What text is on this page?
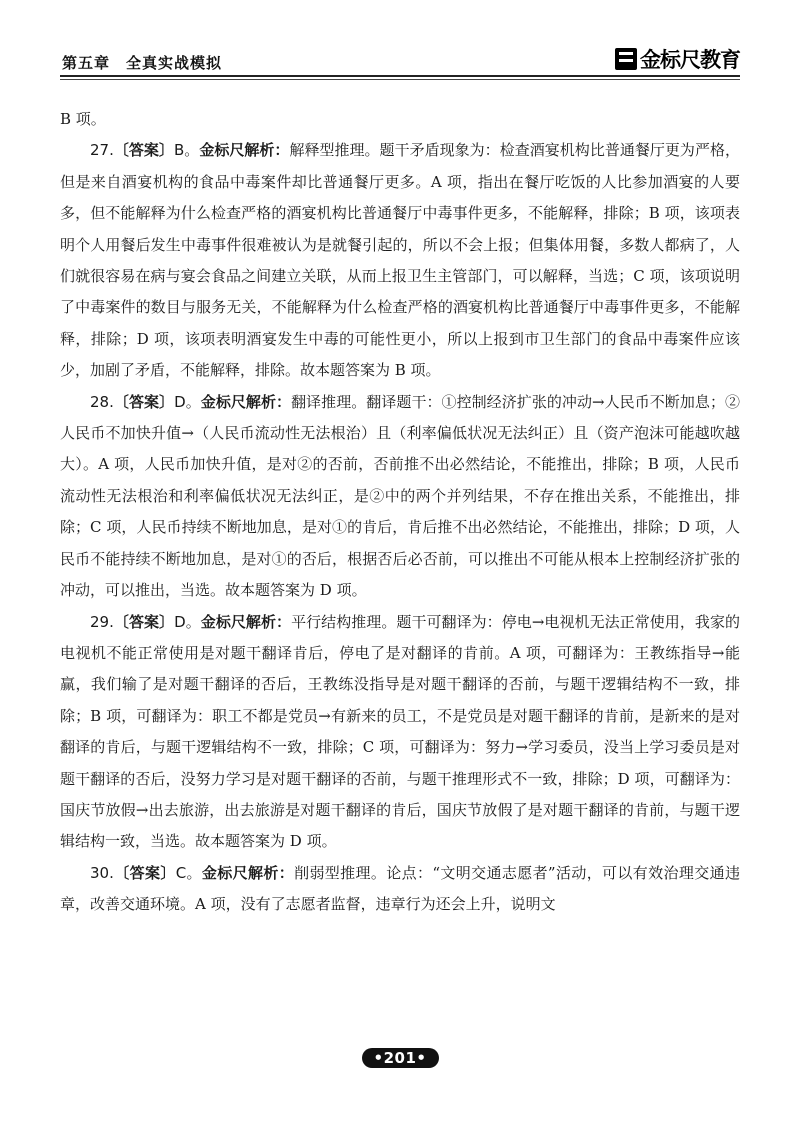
第五章　全真实战模拟	金标尺教育

B 项。

27.〔答案〕B。金标尺解析：解释型推理。题干矛盾现象为：检查酒宴机构比普通餐厅更为严格，但是来自酒宴机构的食品中毒案件却比普通餐厅更多。A 项，指出在餐厅吃饭的人比参加酒宴的人要多，但不能解释为什么检查严格的酒宴机构比普通餐厅中毒事件更多，不能解释，排除；B 项，该项表明个人用餐后发生中毒事件很难被认为是就餐引起的，所以不会上报；但集体用餐，多数人都病了，人们就很容易在病与宴会食品之间建立关联，从而上报卫生主管部门，可以解释，当选；C 项，该项说明了中毒案件的数目与服务无关，不能解释为什么检查严格的酒宴机构比普通餐厅中毒事件更多，不能解释，排除；D 项，该项表明酒宴发生中毒的可能性更小，所以上报到市卫生部门的食品中毒案件应该少，加剧了矛盾，不能解释，排除。故本题答案为 B 项。

28.〔答案〕D。金标尺解析：翻译推理。翻译题干：①控制经济扩张的冲动→人民币不断加息；②人民币不加快升值→（人民币流动性无法根治）且（利率偏低状况无法纠正）且（资产泡沫可能越吹越大）。A 项，人民币加快升值，是对②的否前，否前推不出必然结论，不能推出，排除；B 项，人民币流动性无法根治和利率偏低状况无法纠正，是②中的两个并列结果，不存在推出关系，不能推出，排除；C 项，人民币持续不断地加息，是对①的肯后，肯后推不出必然结论，不能推出，排除；D 项，人民币不能持续不断地加息，是对①的否后，根据否后必否前，可以推出不可能从根本上控制经济扩张的冲动，可以推出，当选。故本题答案为 D 项。

29.〔答案〕D。金标尺解析：平行结构推理。题干可翻译为：停电→电视机无法正常使用，我家的电视机不能正常使用是对题干翻译肯后，停电了是对翻译的肯前。A 项，可翻译为：王教练指导→能赢，我们输了是对题干翻译的否后，王教练没指导是对题干翻译的否前，与题干逻辑结构不一致，排除；B 项，可翻译为：职工不都是党员→有新来的员工，不是党员是对题干翻译的肯前，是新来的是对翻译的肯后，与题干逻辑结构不一致，排除；C 项，可翻译为：努力→学习委员，没当上学习委员是对题干翻译的否后，没努力学习是对题干翻译的否前，与题干推理形式不一致，排除；D 项，可翻译为：国庆节放假→出去旅游，出去旅游是对题干翻译的肯后，国庆节放假了是对题干翻译的肯前，与题干逻辑结构一致，当选。故本题答案为 D 项。

30.〔答案〕C。金标尺解析：削弱型推理。论点：“文明交通志愿者”活动，可以有效治理交通违章，改善交通环境。A 项，没有了志愿者监督，违章行为还会上升，说明文

•201•
